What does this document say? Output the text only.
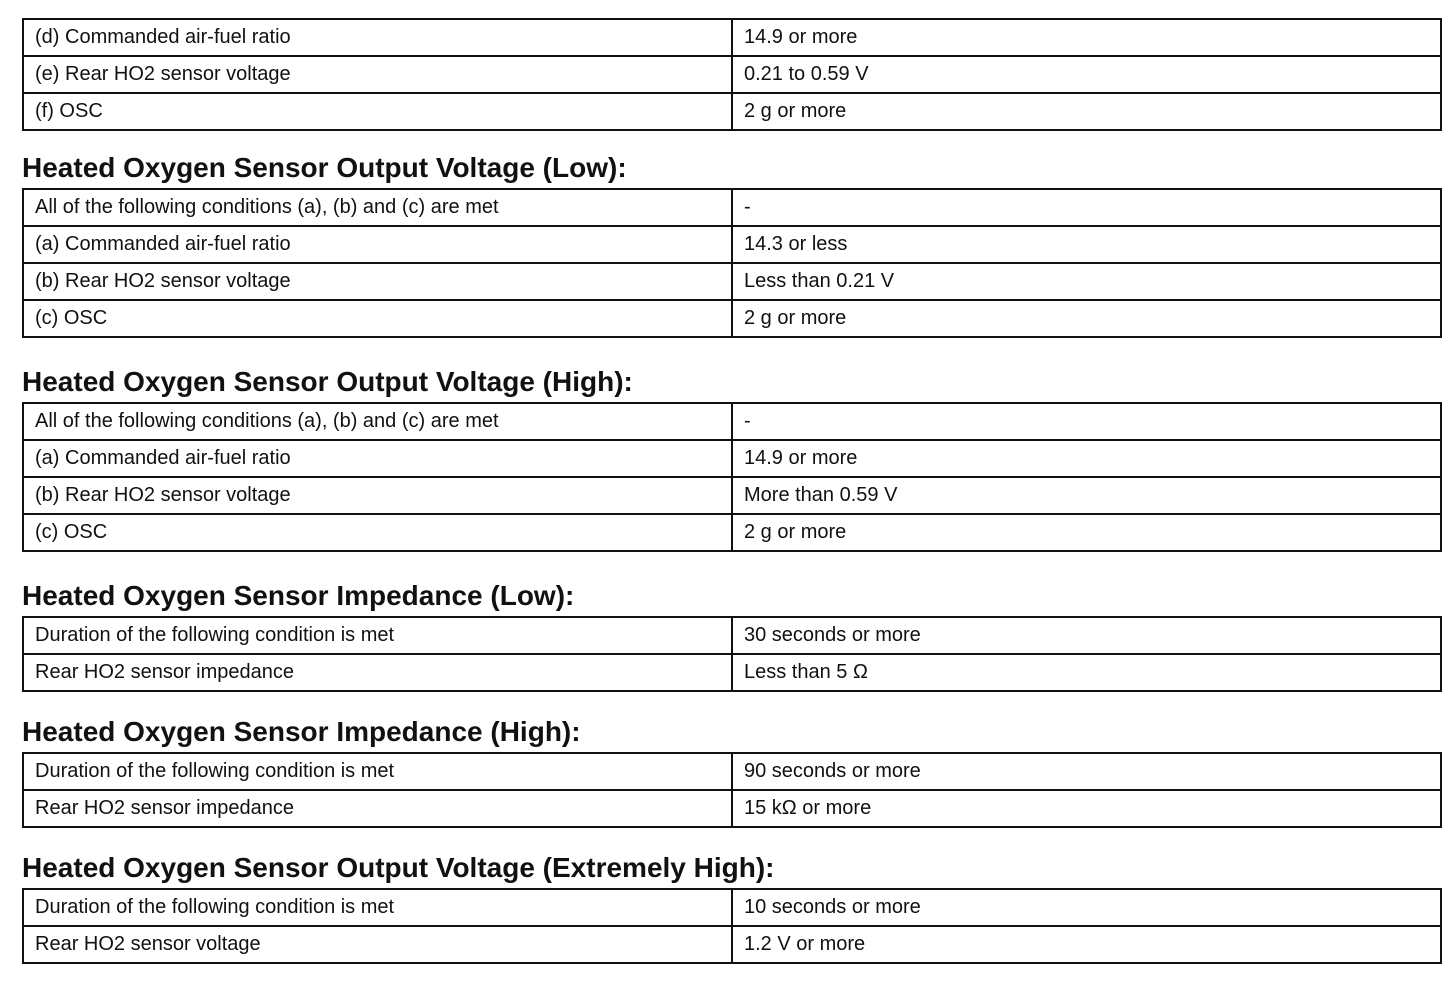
(d) Commanded air-fuel ratio	14.9 or more
(e) Rear HO2 sensor voltage	0.21 to 0.59 V
(f) OSC	2 g or more
Heated Oxygen Sensor Output Voltage (Low):
All of the following conditions (a), (b) and (c) are met	-
(a) Commanded air-fuel ratio	14.3 or less
(b) Rear HO2 sensor voltage	Less than 0.21 V
(c) OSC	2 g or more
Heated Oxygen Sensor Output Voltage (High):
All of the following conditions (a), (b) and (c) are met	-
(a) Commanded air-fuel ratio	14.9 or more
(b) Rear HO2 sensor voltage	More than 0.59 V
(c) OSC	2 g or more
Heated Oxygen Sensor Impedance (Low):
Duration of the following condition is met	30 seconds or more
Rear HO2 sensor impedance	Less than 5 Ω
Heated Oxygen Sensor Impedance (High):
Duration of the following condition is met	90 seconds or more
Rear HO2 sensor impedance	15 kΩ or more
Heated Oxygen Sensor Output Voltage (Extremely High):
Duration of the following condition is met	10 seconds or more
Rear HO2 sensor voltage	1.2 V or more
